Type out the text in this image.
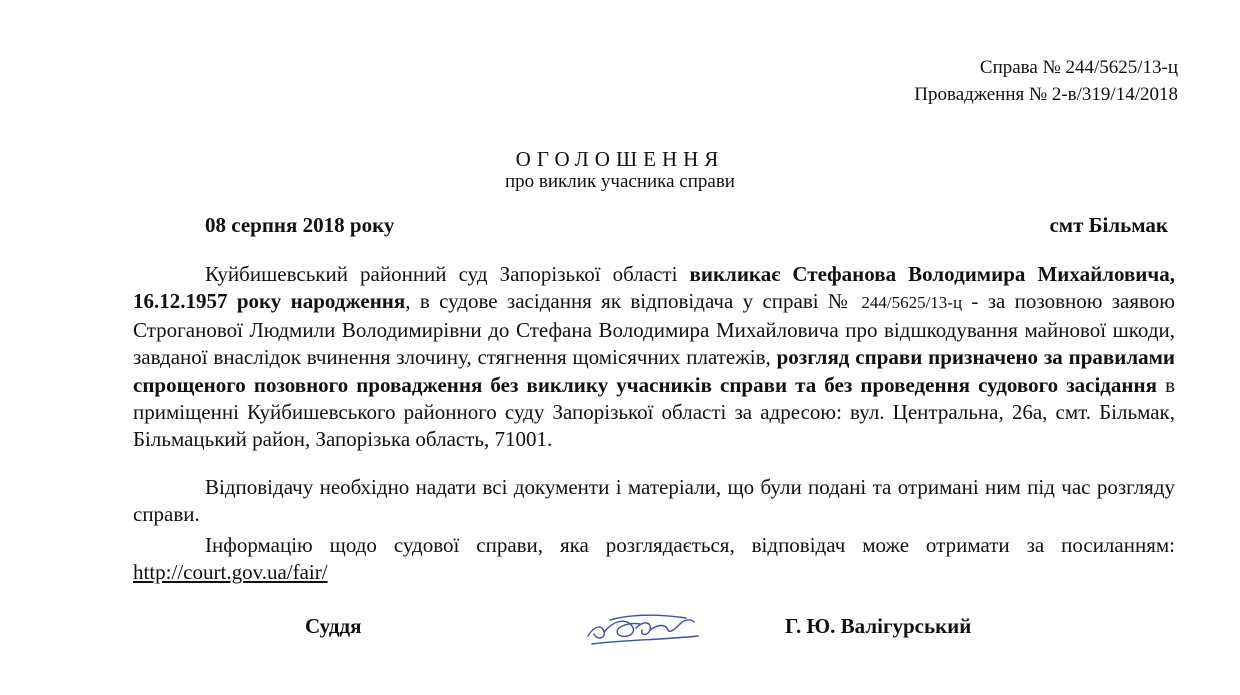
Справа № 244/5625/13-ц
Провадження № 2-в/319/14/2018
ОГОЛОШЕННЯ
про виклик учасника справи
08 серпня 2018 року	смт Більмак

Куйбишевський районний суд Запорізької області викликає Стефанова Володимира Михайловича, 16.12.1957 року народження, в судове засідання як відповідача у справі № 244/5625/13-ц - за позовною заявою Строганової Людмили Володимирівни до Стефана Володимира Михайловича про відшкодування майнової шкоди, завданої внаслідок вчинення злочину, стягнення щомісячних платежів, розгляд справи призначено за правилами спрощеного позовного провадження без виклику учасників справи та без проведення судового засідання в приміщенні Куйбишевського районного суду Запорізької області за адресою: вул. Центральна, 26а, смт. Більмак, Більмацький район, Запорізька область, 71001.

Відповідачу необхідно надати всі документи і матеріали, що були подані та отримані ним під час розгляду справи.

Інформацію щодо судової справи, яка розглядається, відповідач може отримати за посиланням: http://court.gov.ua/fair/

Суддя	Г. Ю. Валігурський
